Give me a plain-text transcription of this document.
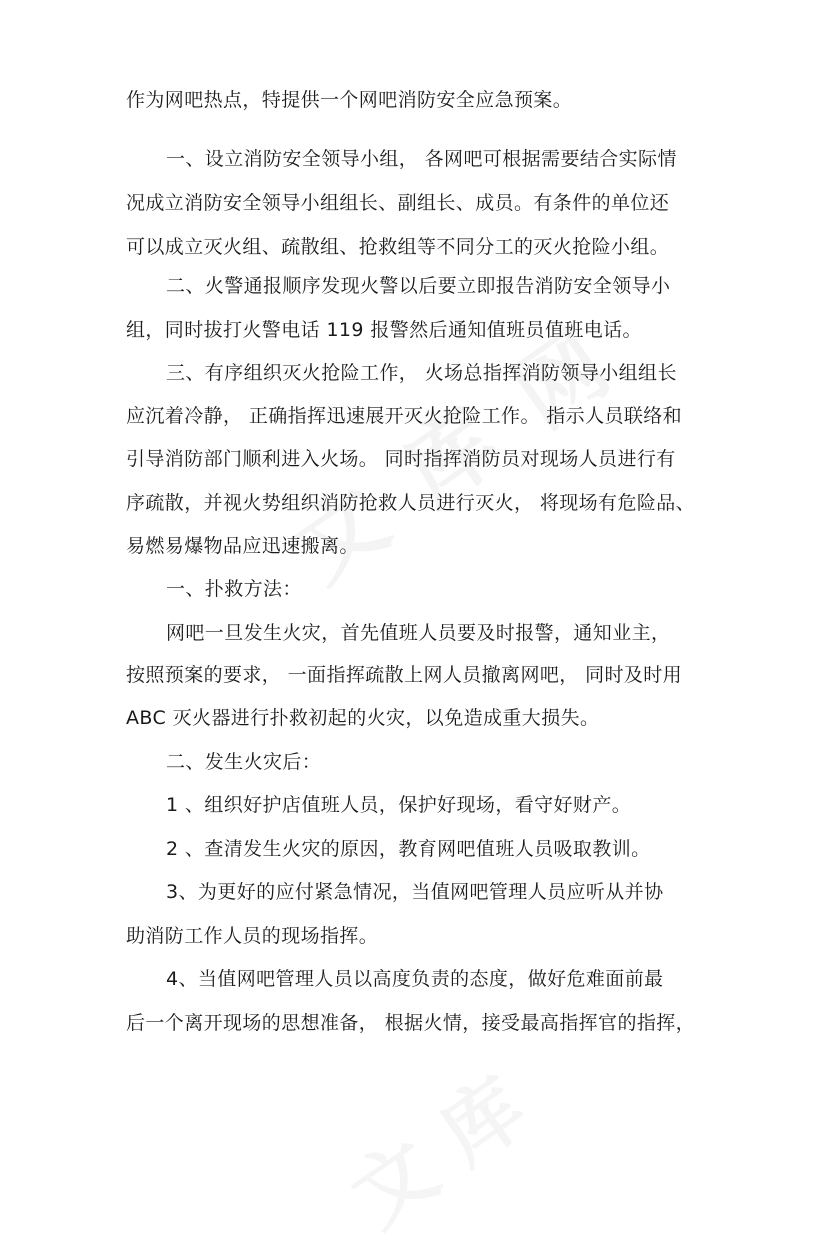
作为网吧热点，特提供一个网吧消防安全应急预案。
一、设立消防安全领导小组， 各网吧可根据需要结合实际情
况成立消防安全领导小组组长、副组长、成员。有条件的单位还
可以成立灭火组、疏散组、抢救组等不同分工的灭火抢险小组。
二、火警通报顺序发现火警以后要立即报告消防安全领导小
组，同时拔打火警电话 119 报警然后通知值班员值班电话。
三、有序组织灭火抢险工作， 火场总指挥消防领导小组组长
应沉着冷静， 正确指挥迅速展开灭火抢险工作。 指示人员联络和
引导消防部门顺利进入火场。 同时指挥消防员对现场人员进行有
序疏散，并视火势组织消防抢救人员进行灭火， 将现场有危险品、
易燃易爆物品应迅速搬离。
一、扑救方法：
网吧一旦发生火灾，首先值班人员要及时报警，通知业主，
按照预案的要求， 一面指挥疏散上网人员撤离网吧， 同时及时用
ABC 灭火器进行扑救初起的火灾，以免造成重大损失。
二、发生火灾后：
1 、组织好护店值班人员，保护好现场，看守好财产。
2 、查清发生火灾的原因，教育网吧值班人员吸取教训。
3、为更好的应付紧急情况，当值网吧管理人员应听从并协
助消防工作人员的现场指挥。
4、当值网吧管理人员以高度负责的态度，做好危难面前最
后一个离开现场的思想准备， 根据火情，接受最高指挥官的指挥，
